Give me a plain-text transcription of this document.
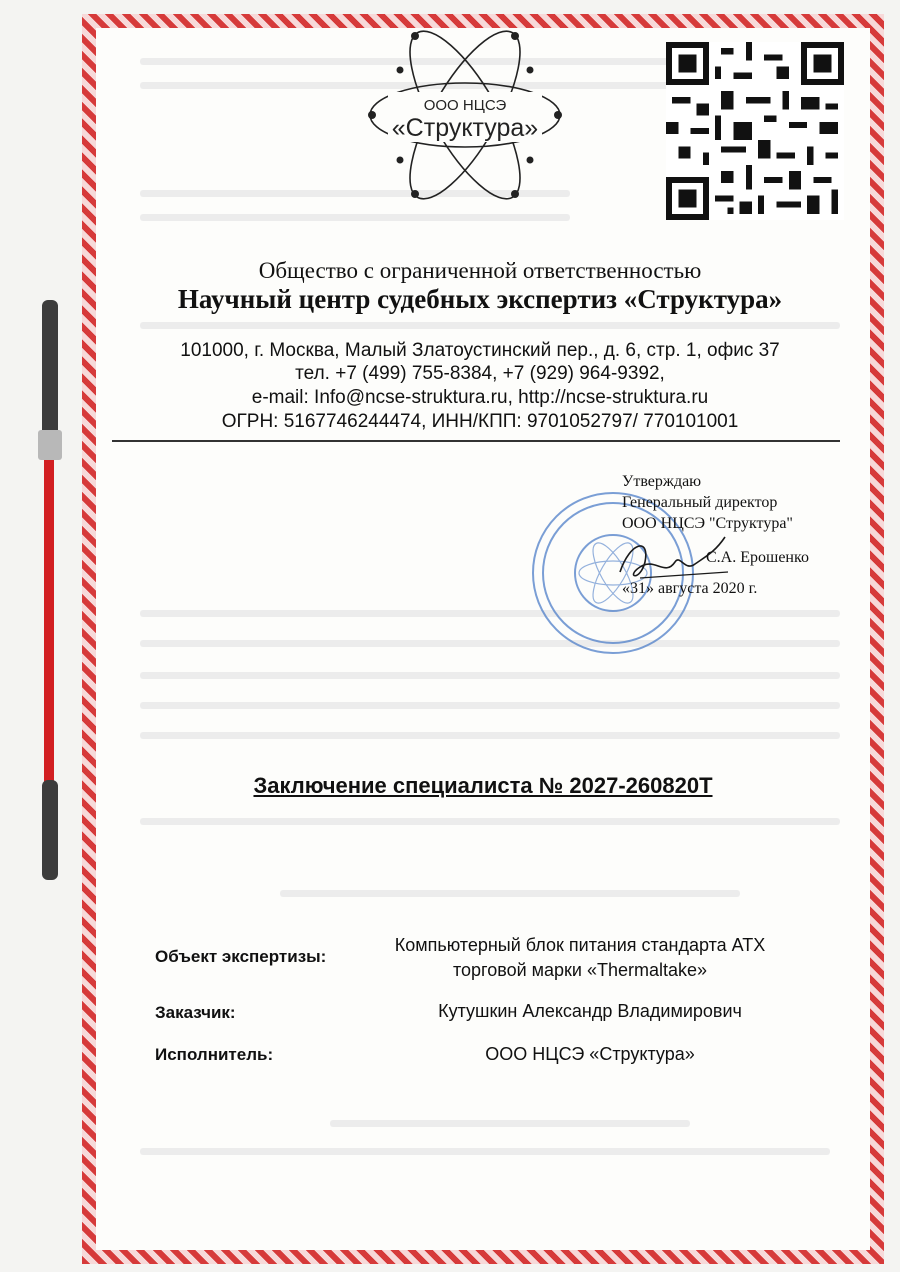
ООО НЦСЭ
«Структура»
Общество с ограниченной ответственностью
Научный центр судебных экспертиз «Структура»
101000, г. Москва, Малый Златоустинский пер., д. 6, стр. 1, офис 37
тел. +7 (499) 755-8384, +7 (929) 964-9392,
e-mail: Info@ncse-struktura.ru, http://ncse-struktura.ru
ОГРН: 5167746244474, ИНН/КПП: 9701052797/ 770101001
Утверждаю
Генеральный директор
ООО НЦСЭ "Структура"
С.А. Ерошенко
«31» августа 2020 г.
Заключение специалиста № 2027-260820Т
Объект экспертизы:
Компьютерный блок питания стандарта АТХ
торговой марки «Thermaltake»
Заказчик:	Кутушкин Александр Владимирович
Исполнитель:	ООО НЦСЭ «Структура»
